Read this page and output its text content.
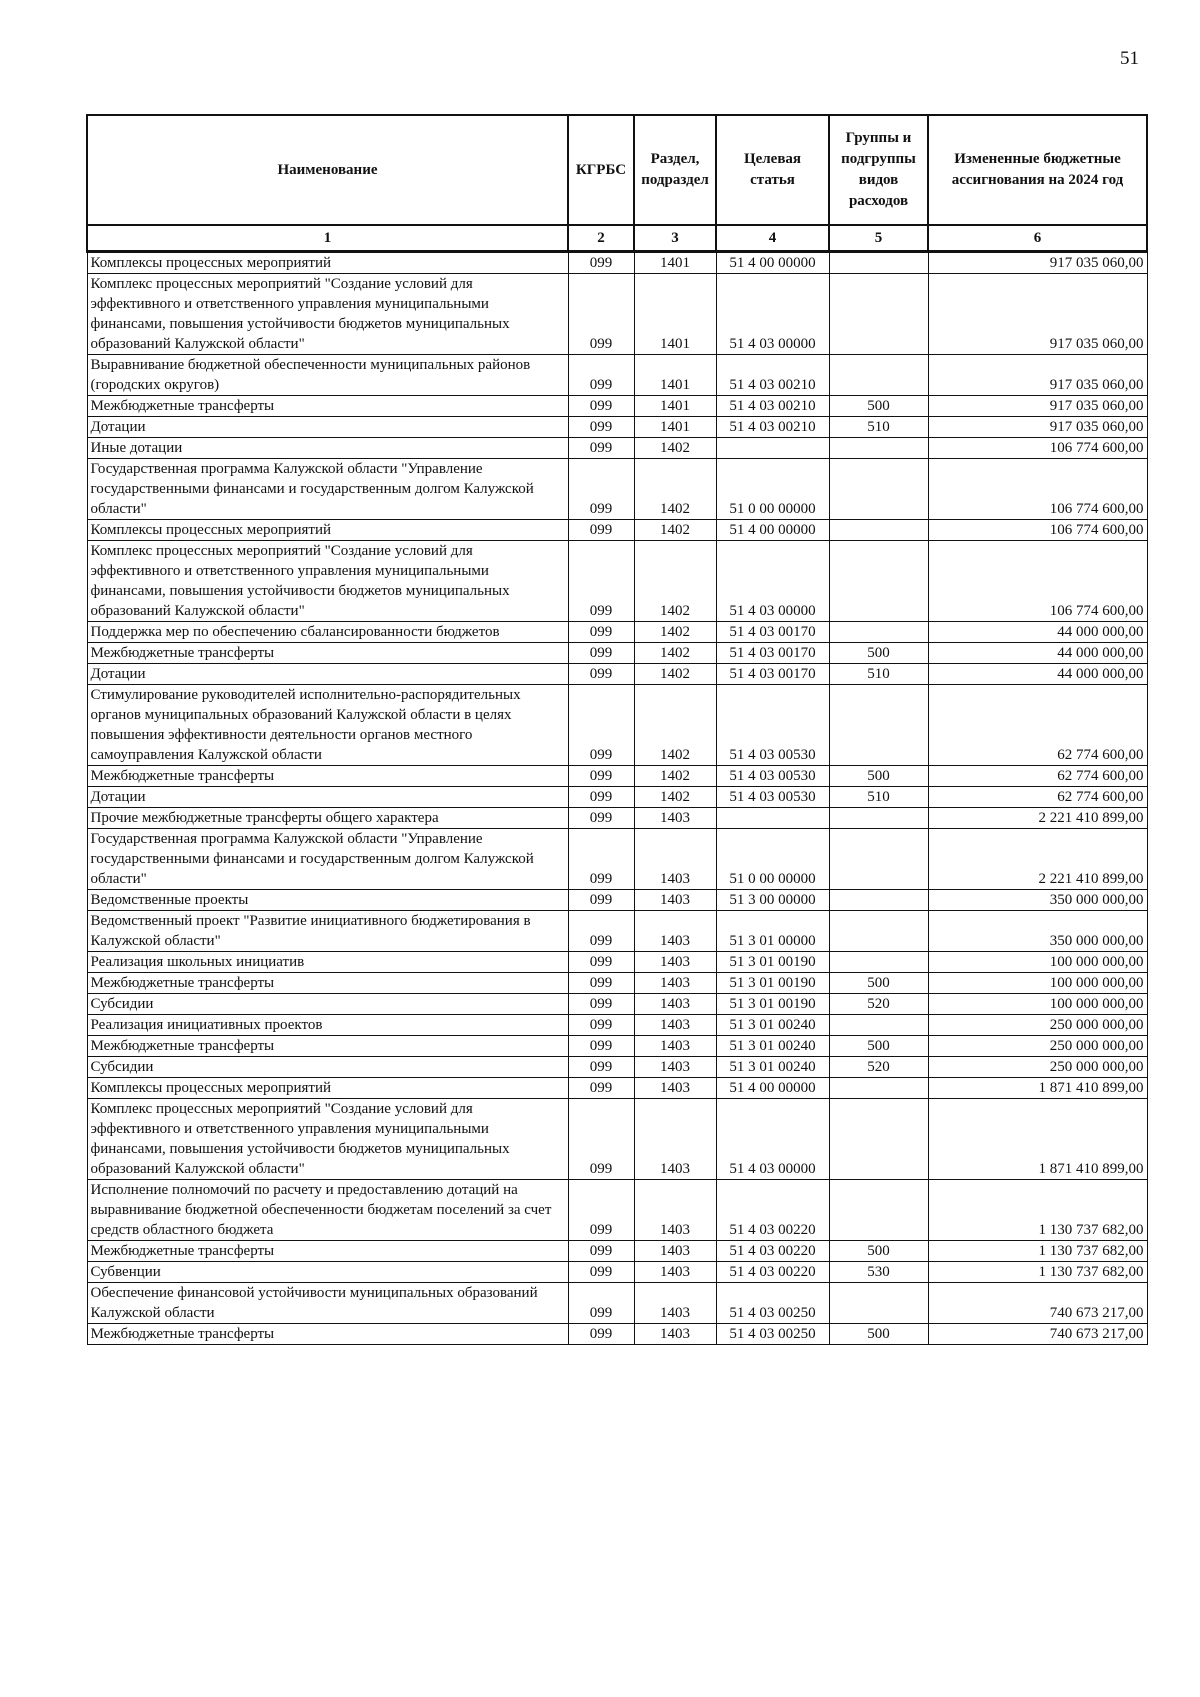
51
Наименование	КГРБС	Раздел, подраздел	Целевая статья	Группы и подгруппы видов расходов	Измененные бюджетные ассигнования на 2024 год
1	2	3	4	5	6
Комплексы процессных мероприятий	099	1401	51 4 00 00000		917 035 060,00
Комплекс процессных мероприятий "Создание условий для эффективного и ответственного управления муниципальными финансами, повышения устойчивости бюджетов муниципальных образований Калужской области"	099	1401	51 4 03 00000		917 035 060,00
Выравнивание бюджетной обеспеченности муниципальных районов (городских округов)	099	1401	51 4 03 00210		917 035 060,00
Межбюджетные трансферты	099	1401	51 4 03 00210	500	917 035 060,00
Дотации	099	1401	51 4 03 00210	510	917 035 060,00
Иные дотации	099	1402			106 774 600,00
Государственная программа Калужской области "Управление государственными финансами и государственным долгом Калужской области"	099	1402	51 0 00 00000		106 774 600,00
Комплексы процессных мероприятий	099	1402	51 4 00 00000		106 774 600,00
Комплекс процессных мероприятий "Создание условий для эффективного и ответственного управления муниципальными финансами, повышения устойчивости бюджетов муниципальных образований Калужской области"	099	1402	51 4 03 00000		106 774 600,00
Поддержка мер по обеспечению сбалансированности бюджетов	099	1402	51 4 03 00170		44 000 000,00
Межбюджетные трансферты	099	1402	51 4 03 00170	500	44 000 000,00
Дотации	099	1402	51 4 03 00170	510	44 000 000,00
Стимулирование руководителей исполнительно-распорядительных органов муниципальных образований Калужской области в целях повышения эффективности деятельности органов местного самоуправления Калужской области	099	1402	51 4 03 00530		62 774 600,00
Межбюджетные трансферты	099	1402	51 4 03 00530	500	62 774 600,00
Дотации	099	1402	51 4 03 00530	510	62 774 600,00
Прочие межбюджетные трансферты общего характера	099	1403			2 221 410 899,00
Государственная программа Калужской области "Управление государственными финансами и государственным долгом Калужской области"	099	1403	51 0 00 00000		2 221 410 899,00
Ведомственные проекты	099	1403	51 3 00 00000		350 000 000,00
Ведомственный проект "Развитие инициативного бюджетирования в Калужской области"	099	1403	51 3 01 00000		350 000 000,00
Реализация школьных инициатив	099	1403	51 3 01 00190		100 000 000,00
Межбюджетные трансферты	099	1403	51 3 01 00190	500	100 000 000,00
Субсидии	099	1403	51 3 01 00190	520	100 000 000,00
Реализация инициативных проектов	099	1403	51 3 01 00240		250 000 000,00
Межбюджетные трансферты	099	1403	51 3 01 00240	500	250 000 000,00
Субсидии	099	1403	51 3 01 00240	520	250 000 000,00
Комплексы процессных мероприятий	099	1403	51 4 00 00000		1 871 410 899,00
Комплекс процессных мероприятий "Создание условий для эффективного и ответственного управления муниципальными финансами, повышения устойчивости бюджетов муниципальных образований Калужской области"	099	1403	51 4 03 00000		1 871 410 899,00
Исполнение полномочий по расчету и предоставлению дотаций на выравнивание бюджетной обеспеченности бюджетам поселений за счет средств областного бюджета	099	1403	51 4 03 00220		1 130 737 682,00
Межбюджетные трансферты	099	1403	51 4 03 00220	500	1 130 737 682,00
Субвенции	099	1403	51 4 03 00220	530	1 130 737 682,00
Обеспечение финансовой устойчивости муниципальных образований Калужской области	099	1403	51 4 03 00250		740 673 217,00
Межбюджетные трансферты	099	1403	51 4 03 00250	500	740 673 217,00
